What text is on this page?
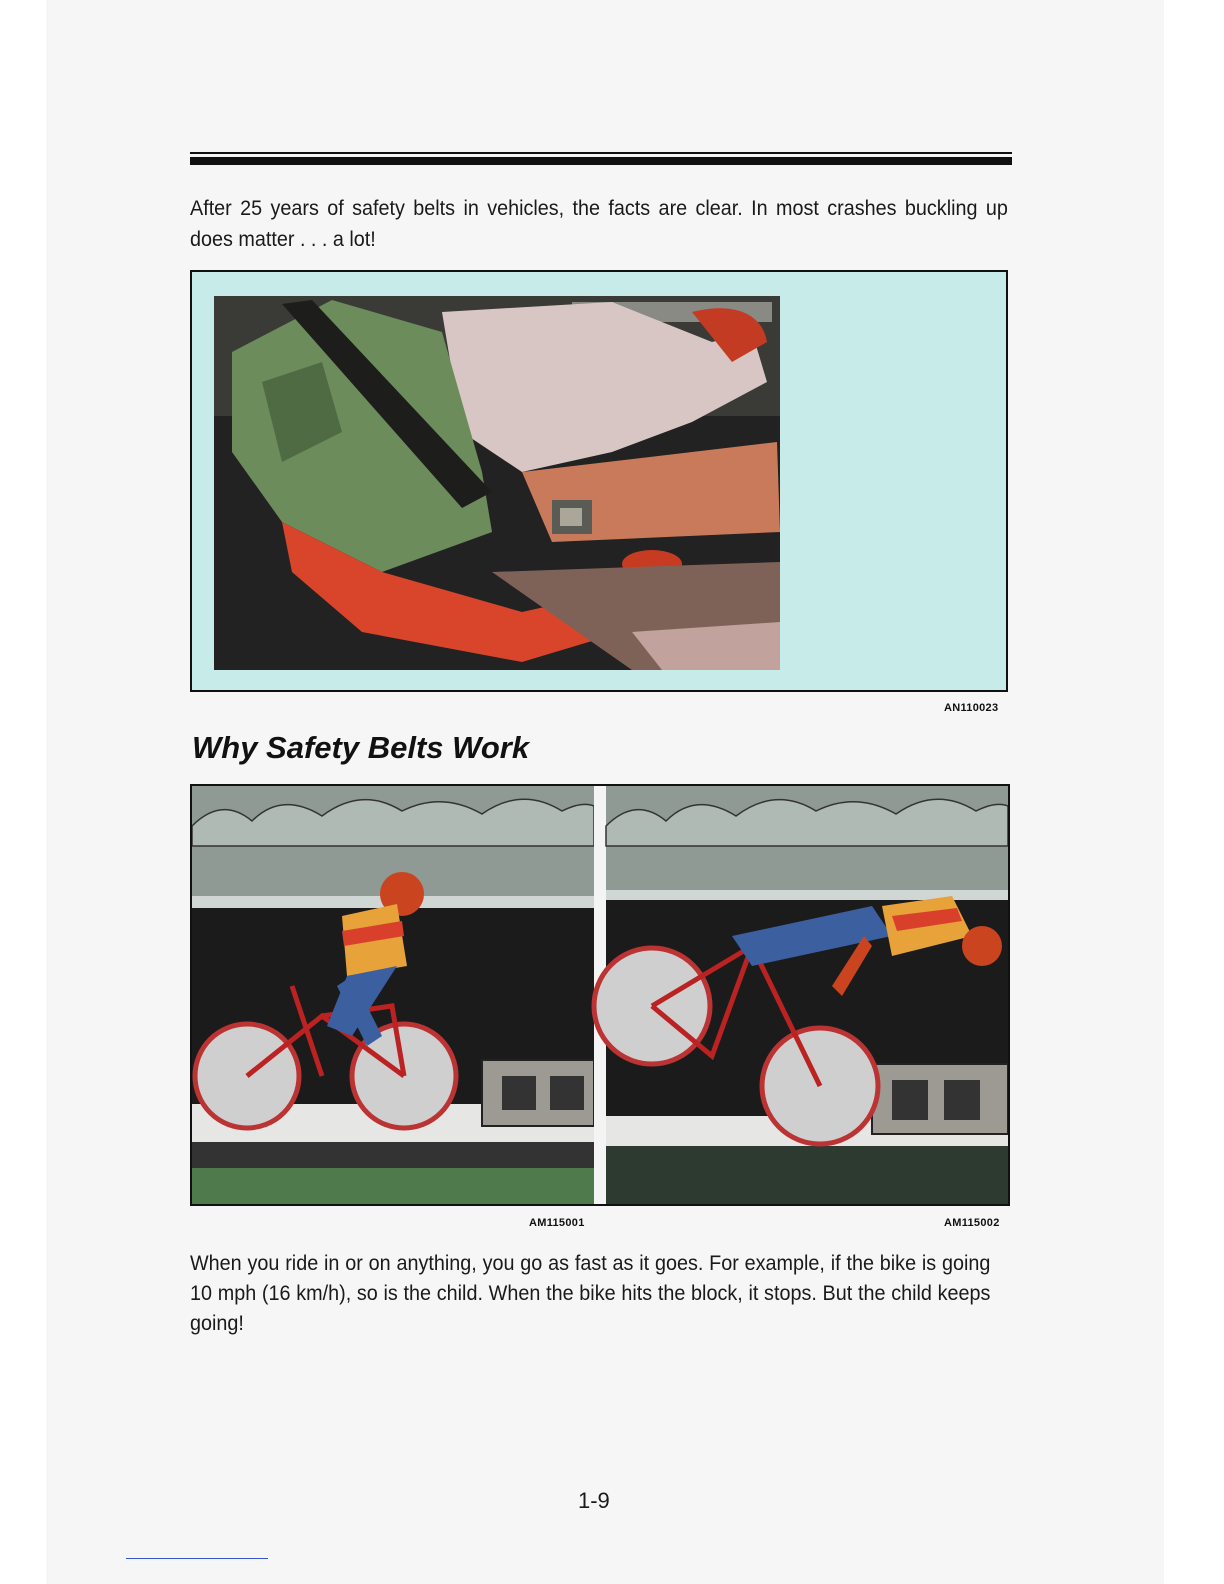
After 25 years of safety belts in vehicles, the facts are clear. In most crashes buckling up does matter . . . a lot!

AN110023
Why Safety Belts Work
AM115001	AM115002

When you ride in or on anything, you go as fast as it goes. For example, if the bike is going 10 mph (16 km/h), so is the child. When the bike hits the block, it stops. But the child keeps going!

1-9
